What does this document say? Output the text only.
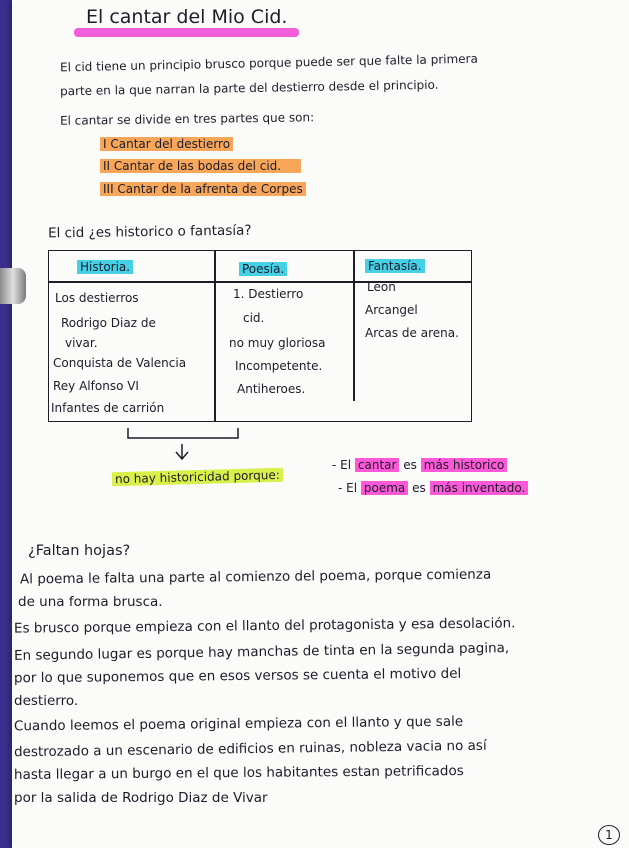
El cantar del Mio Cid.
El cid tiene un principio brusco porque puede ser que falte la primera
parte en la que narran la parte del destierro desde el principio.
El cantar se divide en tres partes que son:
I Cantar del destierro
II Cantar de las bodas del cid.
III Cantar de la afrenta de Corpes
El cid ¿es historico o fantasía?
Historia.	Poesía.	Fantasía.
Los destierros
Rodrigo Diaz de
vivar.
Conquista de Valencia
Rey Alfonso VI
Infantes de carrión
1. Destierro
cid.
no muy gloriosa
Incompetente.
Antiheroes.
Leon
Arcangel
Arcas de arena.
no hay historicidad porque:
- El cantar es más historico
- El poema es más inventado.
¿Faltan hojas?
Al poema le falta una parte al comienzo del poema, porque comienza
de una forma brusca.
Es brusco porque empieza con el llanto del protagonista y esa desolación.
En segundo lugar es porque hay manchas de tinta en la segunda pagina,
por lo que suponemos que en esos versos se cuenta el motivo del
destierro.
Cuando leemos el poema original empieza con el llanto y que sale
destrozado a un escenario de edificios en ruinas, nobleza vacia no así
hasta llegar a un burgo en el que los habitantes estan petrificados
por la salida de Rodrigo Diaz de Vivar
1
